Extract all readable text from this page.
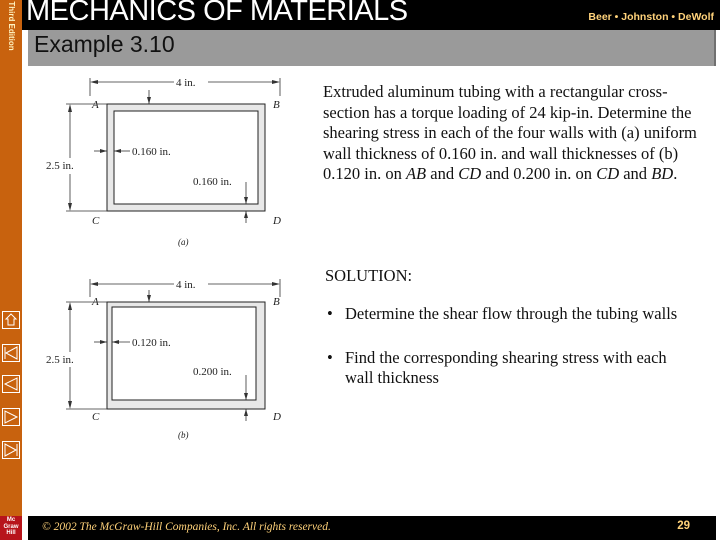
Third Edition
Mc
Graw
Hill
MECHANICS OF MATERIALS	Beer • Johnston • DeWolf
Example 3.10
4 in.
A	B
C	D
2.5 in.
0.160 in.
0.160 in.
(a)
4 in.
A	B
C	D
2.5 in.
0.120 in.
0.200 in.
(b)
Extruded aluminum tubing with a rectangular cross-section has a torque loading of 24 kip-in. Determine the shearing stress in each of the four walls with (a) uniform wall thickness of 0.160 in. and wall thicknesses of (b) 0.120 in. on AB and CD and 0.200 in. on CD and BD.
SOLUTION:
• Determine the shear flow through the tubing walls
• Find the corresponding shearing stress with each wall thickness
© 2002 The McGraw-Hill Companies, Inc. All rights reserved.	29
